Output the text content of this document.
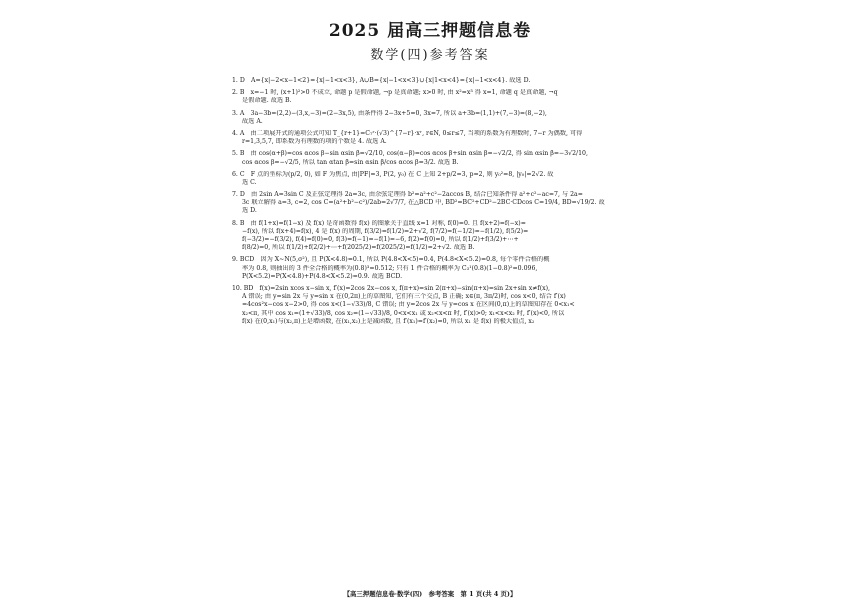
2025 届高三押题信息卷
数学(四)参考答案
1. D　A={x|−2<x−1<2}={x|−1<x<3}, A∪B={x|−1<x<3}∪{x|1<x<4}={x|−1<x<4}. 故选 D.
2. B　x=−1 时, (x+1)²>0 不成立, 命题 p 是假命题, ¬p 是真命题; x>0 时, 由 x²=x³ 得 x=1, 命题 q 是真命题, ¬q
是假命题. 故选 B.
3. A　3a−3b=(2,2)−(3,x,−3)=(2−3x,5), 由条件得 2−3x+5=0, 3x=7, 所以 a+3b=(1,1)+(7,−3)=(8,−2),
故选 A.
4. A　由二项展开式的通项公式可知 T_{r+1}=C₇ʳ·(√3)^{7−r}·xʳ, r∈N, 0≤r≤7, 当项的系数为有理数时, 7−r 为偶数, 可得
r=1,3,5,7, 即系数为有理数的项的个数是 4. 故选 A.
5. B　由 cos(α+β)=cos αcos β−sin αsin β=√2/10, cos(α−β)=cos αcos β+sin αsin β=−√2/2, 得 sin αsin β=−3√2/10,
cos αcos β=−√2/5, 所以 tan αtan β=sin αsin β/cos αcos β=3/2. 故选 B.
6. C　F 点的坐标为(p/2, 0), 如 F 为焦点, 由|PF|=3, P(2, y₀) 在 C 上知 2+p/2=3, p=2, 则 y₀²=8, |y₀|=2√2. 故
选 C.
7. D　由 2sin A=3sin C 及正弦定理得 2a=3c, 由余弦定理得 b²=a²+c²−2accos B, 结合已知条件得 a²+c²−ac=7, 与 2a=
3c 联立解得 a=3, c=2, cos C=(a²+b²−c²)/2ab=2√7/7, 在△BCD 中, BD²=BC²+CD²−2BC·CDcos C=19/4, BD=√19/2. 故
选 D.
8. B　由 f(1+x)=f(1−x) 及 f(x) 是奇函数得 f(x) 的图象关于直线 x=1 对称, f(0)=0. 且 f(x+2)=f(−x)=
−f(x), 所以 f(x+4)=f(x), 4 是 f(x) 的周期, f(3/2)=f(1/2)=2+√2, f(7/2)=f(−1/2)=−f(1/2), f(5/2)=
f(−3/2)=−f(3/2), f(4)=f(0)=0, f(3)=f(−1)=−f(1)=−6, f(2)=f(0)=0, 所以 f(1/2)+f(3/2)+⋯+
f(8/2)=0, 所以 f(1/2)+f(2/2)+⋯+f(2025/2)=f(2025/2)=f(1/2)=2+√2. 故选 B.
9. BCD　因为 X~N(5,σ²), 且 P(X<4.8)=0.1, 所以 P(4.8<X<5)=0.4, P(4.8<X<5.2)=0.8, 每个零件合格的概
率为 0.8, 则抽出的 3 件全合格的概率为(0.8)³=0.512; 只有 1 件合格的概率为 C₃¹(0.8)(1−0.8)²=0.096,
P(X<5.2)=P(X<4.8)+P(4.8<X<5.2)=0.9. 故选 BCD.
10. BD　f(x)=2sin xcos x−sin x, f′(x)=2cos 2x−cos x, f(π+x)=sin 2(π+x)−sin(π+x)=sin 2x+sin x≠f(x),
A 错误; 由 y=sin 2x 与 y=sin x 在(0,2π)上的草图知, 它们有三个交点, B 正确; x∈(π, 3π/2)时, cos x<0, 结合 f′(x)
=4cos²x−cos x−2>0, 得 cos x<(1−√33)/8, C 错误; 由 y=2cos 2x 与 y=cos x 在区间(0,π)上的草图知存在 0<x₁<
x₂<π, 其中 cos x₁=(1+√33)/8, cos x₂=(1−√33)/8, 0<x<x₁ 或 x₂<x<π 时, f′(x)>0; x₁<x<x₂ 时, f′(x)<0, 所以
f(x) 在(0,x₁)与(x₂,π)上是增函数, 在(x₁,x₂)上是减函数, 且 f′(x₁)=f′(x₂)=0, 所以 x₁ 是 f(x) 的极大值点, x₂
【高三押题信息卷·数学(四)　参考答案　第 1 页(共 4 页)】
